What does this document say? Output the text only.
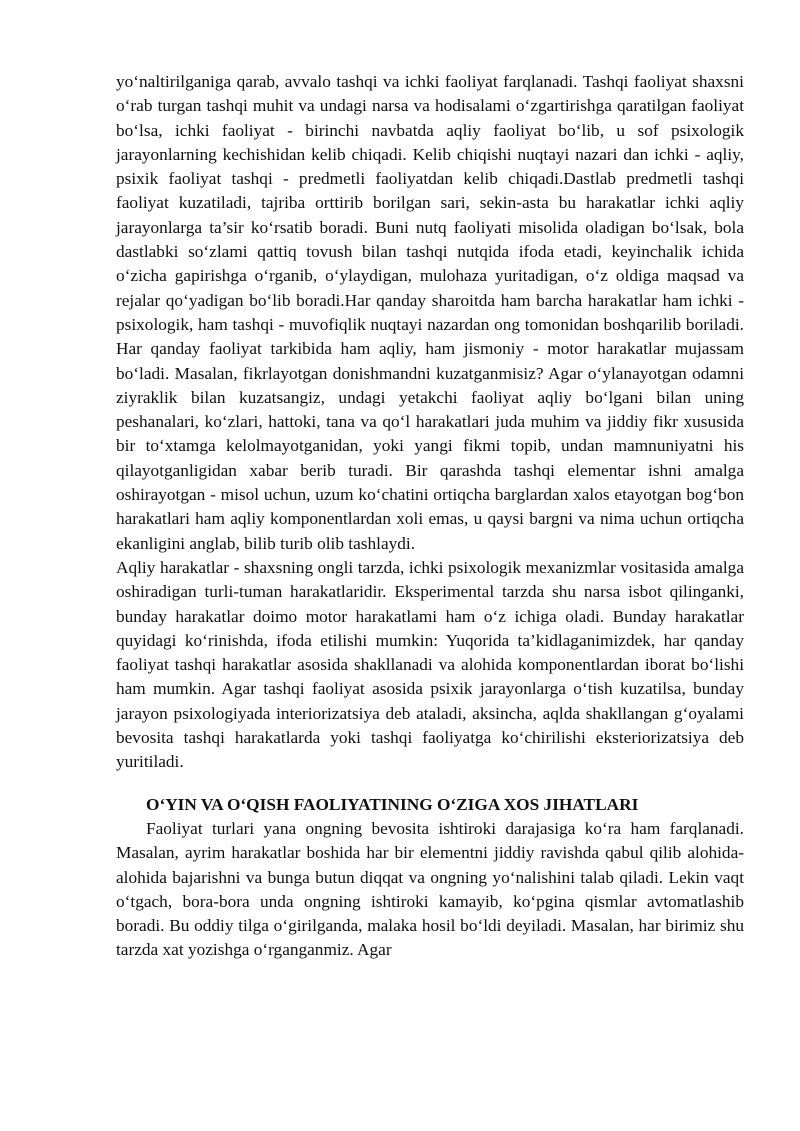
yo‘naltirilganiga qarab, avvalo tashqi va ichki faoliyat farqlanadi. Tashqi faoliyat shaxsni o‘rab turgan tashqi muhit va undagi narsa va hodisalami o‘zgartirishga qaratilgan faoliyat bo‘lsa, ichki faoliyat - birinchi navbatda aqliy faoliyat bo‘lib, u sof psixologik jarayonlarning kechishidan kelib chiqadi. Kelib chiqishi nuqtayi nazari dan ichki - aqliy, psixik faoliyat tashqi - predmetli faoliyatdan kelib chiqadi.Dastlab predmetli tashqi faoliyat kuzatiladi, tajriba orttirib borilgan sari, sekin-asta bu harakatlar ichki aqliy jarayonlarga ta’sir ko‘rsatib boradi. Buni nutq faoliyati misolida oladigan bo‘lsak, bola dastlabki so‘zlami qattiq tovush bilan tashqi nutqida ifoda etadi, keyinchalik ichida o‘zicha gapirishga o‘rganib, o‘ylaydigan, mulohaza yuritadigan, o‘z oldiga maqsad va rejalar qo‘yadigan bo‘lib boradi.Har qanday sharoitda ham barcha harakatlar ham ichki - psixologik, ham tashqi - muvofiqlik nuqtayi nazardan ong tomonidan boshqarilib boriladi. Har qanday faoliyat tarkibida ham aqliy, ham jismoniy - motor harakatlar mujassam bo‘ladi. Masalan, fikrlayotgan donishmandni kuzatganmisiz? Agar o‘ylanayotgan odamni ziyraklik bilan kuzatsangiz, undagi yetakchi faoliyat aqliy bo‘lgani bilan uning peshanalari, ko‘zlari, hattoki, tana va qo‘l harakatlari juda muhim va jiddiy fikr xususida bir to‘xtamga kelolmayotganidan, yoki yangi fikmi topib, undan mamnuniyatni his qilayotganligidan xabar berib turadi. Bir qarashda tashqi elementar ishni amalga oshirayotgan - misol uchun, uzum ko‘chatini ortiqcha barglardan xalos etayotgan bog‘bon harakatlari ham aqliy komponentlardan xoli emas, u qaysi bargni va nima uchun ortiqcha ekanligini anglab, bilib turib olib tashlaydi.

Aqliy harakatlar - shaxsning ongli tarzda, ichki psixologik mexanizmlar vositasida amalga oshiradigan turli-tuman harakatlaridir. Eksperimental tarzda shu narsa isbot qilinganki, bunday harakatlar doimo motor harakatlami ham o‘z ichiga oladi. Bunday harakatlar quyidagi ko‘rinishda, ifoda etilishi mumkin: Yuqorida ta’kidlaganimizdek, har qanday faoliyat tashqi harakatlar asosida shakllanadi va alohida komponentlardan iborat bo‘lishi ham mumkin. Agar tashqi faoliyat asosida psixik jarayonlarga o‘tish kuzatilsa, bunday jarayon psixologiyada interiorizatsiya deb ataladi, aksincha, aqlda shakllangan g‘oyalami bevosita tashqi harakatlarda yoki tashqi faoliyatga ko‘chirilishi eksteriorizatsiya deb yuritiladi.

O‘YIN VA O‘QISH FAOLIYATINING O‘ZIGA XOS JIHATLARI

Faoliyat turlari yana ongning bevosita ishtiroki darajasiga ko‘ra ham farqlanadi. Masalan, ayrim harakatlar boshida har bir elementni jiddiy ravishda qabul qilib alohida-alohida bajarishni va bunga butun diqqat va ongning yo‘nalishini talab qiladi. Lekin vaqt o‘tgach, bora-bora unda ongning ishtiroki kamayib, ko‘pgina qismlar avtomatlashib boradi. Bu oddiy tilga o‘girilganda, malaka hosil bo‘ldi deyiladi. Masalan, har birimiz shu tarzda xat yozishga o‘rganganmiz. Agar
